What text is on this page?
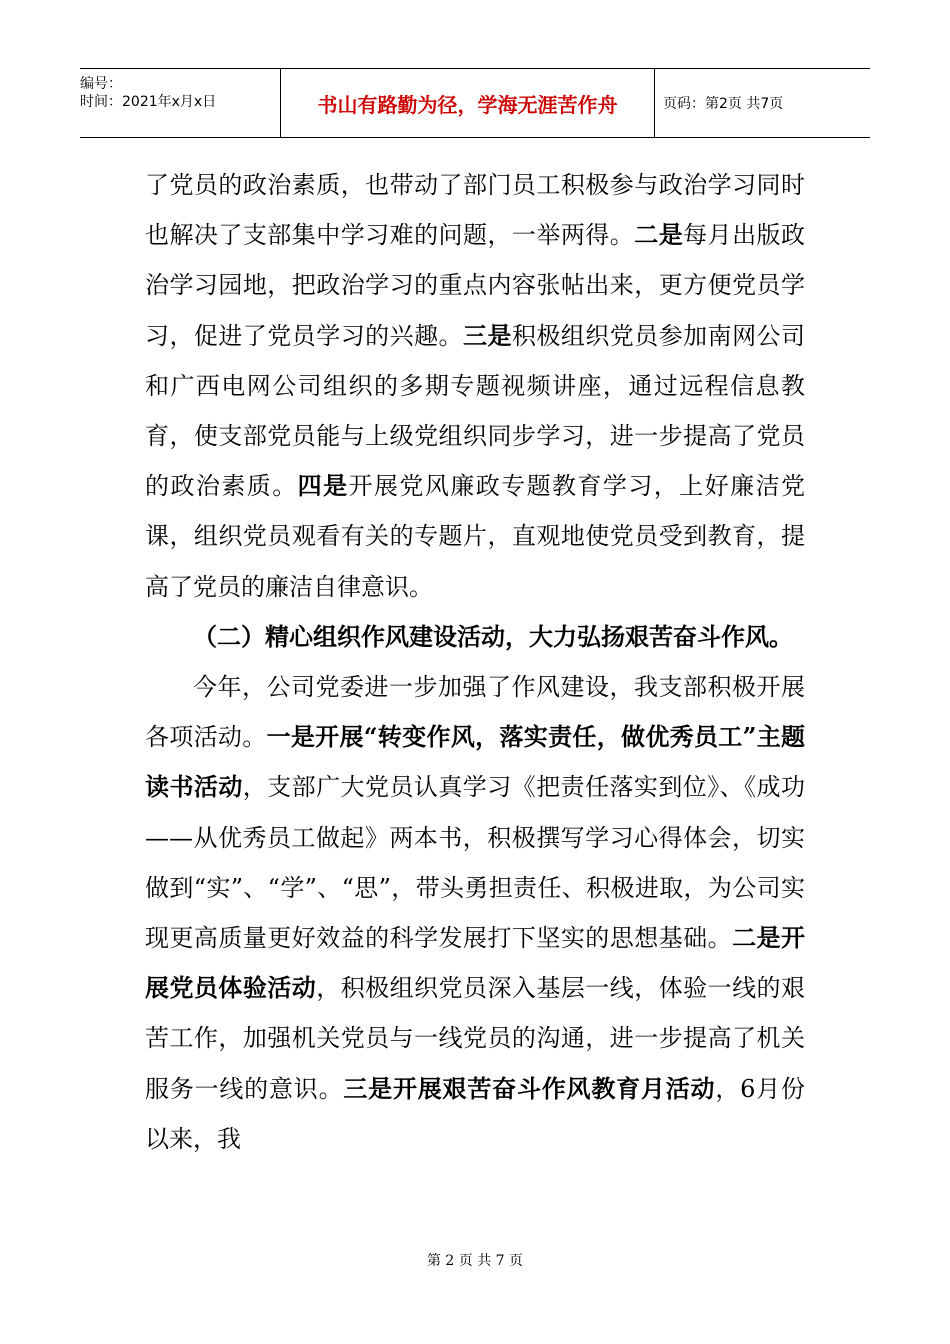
编号：
时间：2021年x月x日	书山有路勤为径，学海无涯苦作舟	页码：第2页 共7页

了党员的政治素质，也带动了部门员工积极参与政治学习同时也解决了支部集中学习难的问题，一举两得。二是每月出版政治学习园地，把政治学习的重点内容张帖出来，更方便党员学习，促进了党员学习的兴趣。三是积极组织党员参加南网公司和广西电网公司组织的多期专题视频讲座，通过远程信息教育，使支部党员能与上级党组织同步学习，进一步提高了党员的政治素质。四是开展党风廉政专题教育学习，上好廉洁党课，组织党员观看有关的专题片，直观地使党员受到教育，提高了党员的廉洁自律意识。

（二）精心组织作风建设活动，大力弘扬艰苦奋斗作风。

今年，公司党委进一步加强了作风建设，我支部积极开展各项活动。一是开展“转变作风，落实责任，做优秀员工”主题读书活动，支部广大党员认真学习《把责任落实到位》、《成功——从优秀员工做起》两本书，积极撰写学习心得体会，切实做到“实”、“学”、“思”，带头勇担责任、积极进取，为公司实现更高质量更好效益的科学发展打下坚实的思想基础。二是开展党员体验活动，积极组织党员深入基层一线，体验一线的艰苦工作，加强机关党员与一线党员的沟通，进一步提高了机关服务一线的意识。三是开展艰苦奋斗作风教育月活动，6月份以来，我

第 2 页 共 7 页
